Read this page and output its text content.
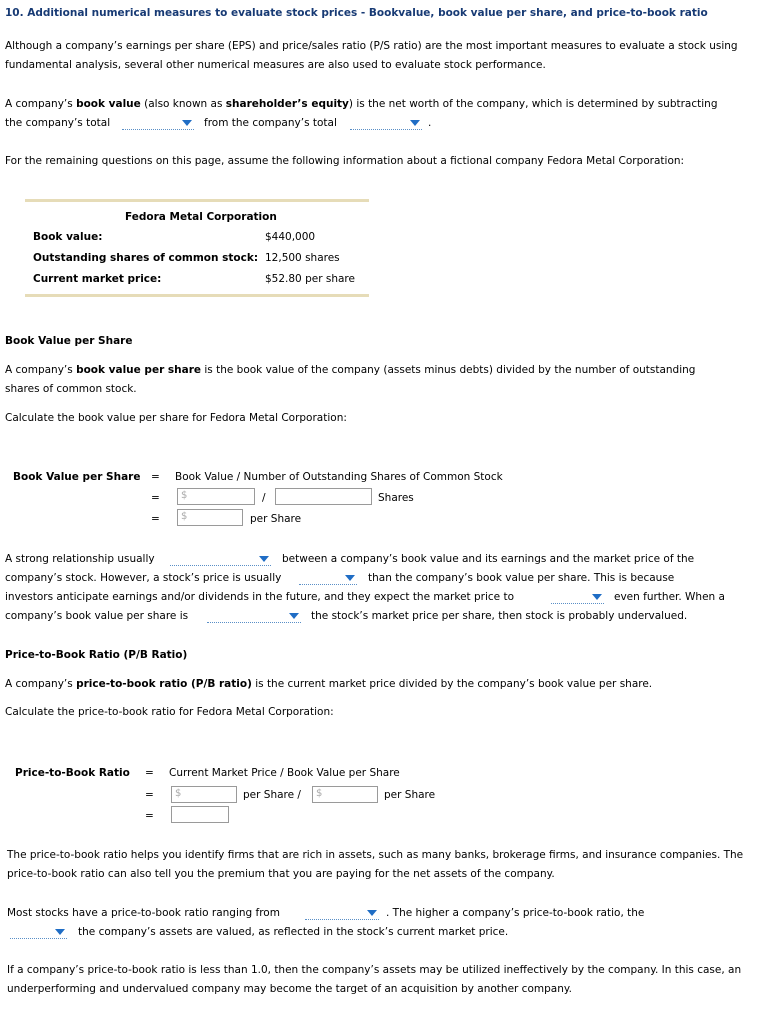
10. Additional numerical measures to evaluate stock prices - Bookvalue, book value per share, and price-to-book ratio
Although a company’s earnings per share (EPS) and price/sales ratio (P/S ratio) are the most important measures to evaluate a stock using fundamental analysis, several other numerical measures are also used to evaluate stock performance.
A company’s book value (also known as shareholder’s equity) is the net worth of the company, which is determined by subtracting
the company’s total	from the company’s total	.
For the remaining questions on this page, assume the following information about a fictional company Fedora Metal Corporation:
Fedora Metal Corporation
Book value:	$440,000
Outstanding shares of common stock: 12,500 shares
Current market price:	$52.80 per share
Book Value per Share
A company’s book value per share is the book value of the company (assets minus debts) divided by the number of outstanding
shares of common stock.
Calculate the book value per share for Fedora Metal Corporation:
Book Value per Share = Book Value / Number of Outstanding Shares of Common Stock
= $	/	Shares
= $	per Share
A strong relationship usually	between a company’s book value and its earnings and the market price of the
company’s stock. However, a stock’s price is usually	than the company’s book value per share. This is because
investors anticipate earnings and/or dividends in the future, and they expect the market price to	even further. When a
company’s book value per share is	the stock’s market price per share, then stock is probably undervalued.
Price-to-Book Ratio (P/B Ratio)
A company’s price-to-book ratio (P/B ratio) is the current market price divided by the company’s book value per share.
Calculate the price-to-book ratio for Fedora Metal Corporation:
Price-to-Book Ratio = Current Market Price / Book Value per Share
= $	per Share / $	per Share
=
The price-to-book ratio helps you identify firms that are rich in assets, such as many banks, brokerage firms, and insurance companies. The price-to-book ratio can also tell you the premium that you are paying for the net assets of the company.
Most stocks have a price-to-book ratio ranging from	. The higher a company’s price-to-book ratio, the
the company’s assets are valued, as reflected in the stock’s current market price.
If a company’s price-to-book ratio is less than 1.0, then the company’s assets may be utilized ineffectively by the company. In this case, an underperforming and undervalued company may become the target of an acquisition by another company.
